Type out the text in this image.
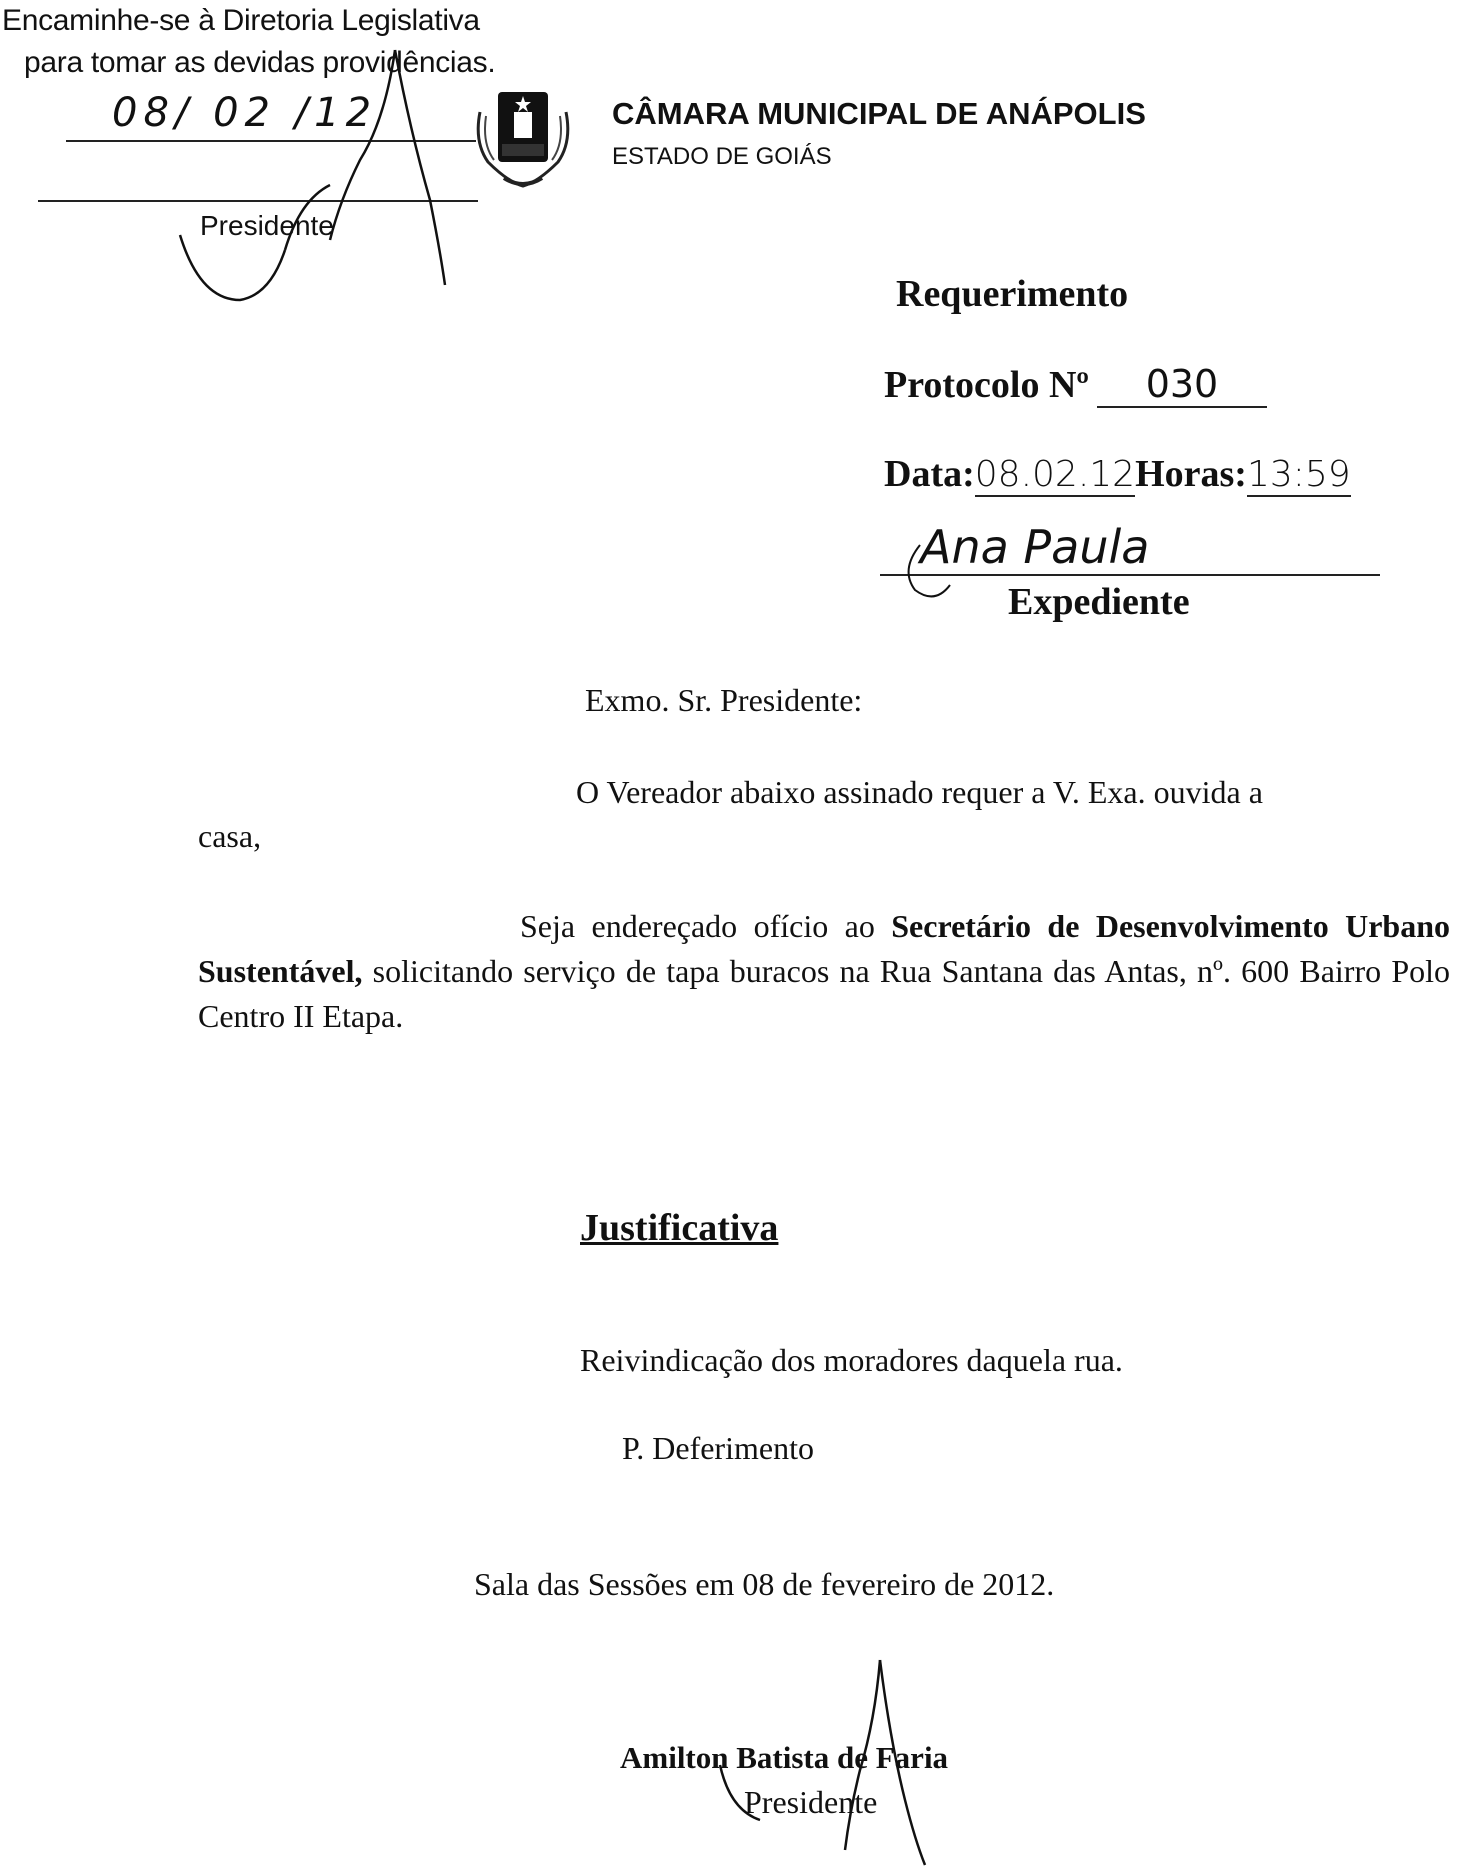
Encaminhe-se à Diretoria Legislativa
para tomar as devidas providências.
08/ 02 /12
Presidente
CÂMARA MUNICIPAL DE ANÁPOLIS
ESTADO DE GOIÁS
Requerimento
Protocolo Nº 030
Data:08.02.12Horas:13:59
Ana Paula
Expediente
Exmo. Sr. Presidente:
O Vereador abaixo assinado requer a V. Exa. ouvida a
casa,
Seja endereçado ofício ao Secretário de Desenvolvimento Urbano Sustentável, solicitando serviço de tapa buracos na Rua Santana das Antas, nº. 600 Bairro Polo Centro II Etapa.
Justificativa
Reivindicação dos moradores daquela rua.
P. Deferimento
Sala das Sessões em 08 de fevereiro de 2012.
Amilton Batista de Faria
Presidente
